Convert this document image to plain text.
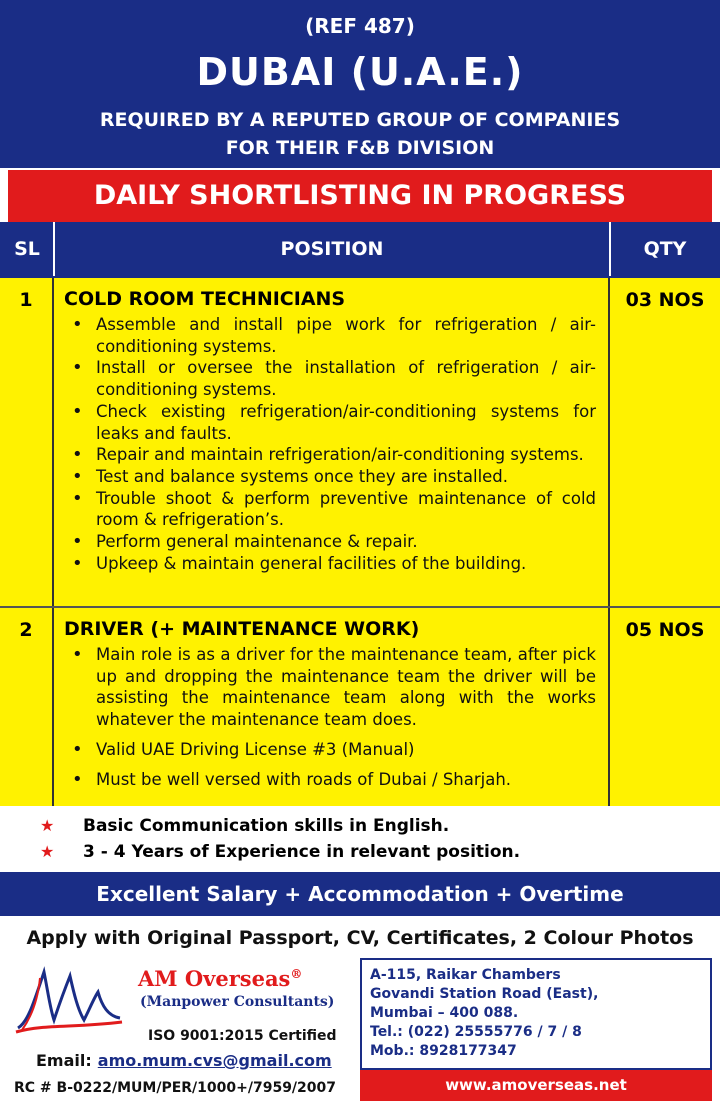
(REF 487)
DUBAI (U.A.E.)
REQUIRED BY A REPUTED GROUP OF COMPANIES
FOR THEIR F&B DIVISION
DAILY SHORTLISTING IN PROGRESS
SL	POSITION	QTY
1	COLD ROOM TECHNICIANS
• Assemble and install pipe work for refrigeration / air-conditioning systems.
• Install or oversee the installation of refrigeration / air-conditioning systems.
• Check existing refrigeration/air-conditioning systems for leaks and faults.
• Repair and maintain refrigeration/air-conditioning systems.
• Test and balance systems once they are installed.
• Trouble shoot & perform preventive maintenance of cold room & refrigeration’s.
• Perform general maintenance & repair.
• Upkeep & maintain general facilities of the building.
03 NOS
2	DRIVER (+ MAINTENANCE WORK)
• Main role is as a driver for the maintenance team, after pick up and dropping the maintenance team the driver will be assisting the maintenance team along with the works whatever the maintenance team does.
• Valid UAE Driving License #3 (Manual)
• Must be well versed with roads of Dubai / Sharjah.
05 NOS
★ Basic Communication skills in English.
★ 3 - 4 Years of Experience in relevant position.
Excellent Salary + Accommodation + Overtime
Apply with Original Passport, CV, Certificates, 2 Colour Photos
AM Overseas®
(Manpower Consultants)
ISO 9001:2015 Certified
Email: amo.mum.cvs@gmail.com
RC # B-0222/MUM/PER/1000+/7959/2007
A-115, Raikar Chambers
Govandi Station Road (East),
Mumbai – 400 088.
Tel.: (022) 25555776 / 7 / 8
Mob.: 8928177347
www.amoverseas.net
